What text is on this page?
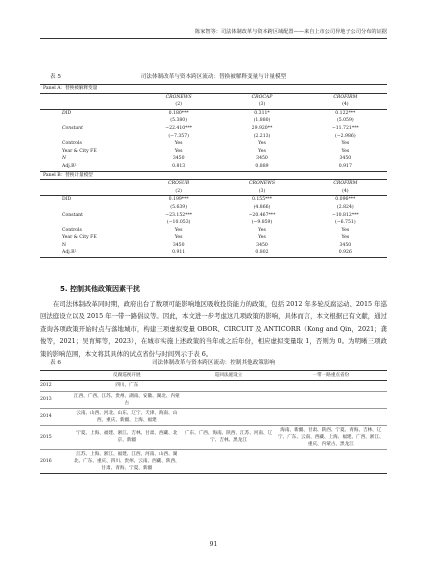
陈家智等：司法体制改革与资本跨区域配置——来自上市公司异地子公司分布的证据
表 5	司法体制改革与资本跨区流动：替换被解释变量与计量模型
Panel A：替换被解释变量			
	CRONEWS	CROCAP	CROFIRM
	(2)	(3)	(4)
DID	0.180***	0.311*	0.122***
	(5.380)	(1.880)	(5.059)
Constant	−22.410***	29.920**	−11.721***
	(−7.357)	(2.213)	(−2.986)
Controls	Yes	Yes	Yes
Year & City FE	Yes	Yes	Yes
N	3450	3450	3450
Adj.R²	0.813	0.889	0.917
Panel B：替换计量模型			
	CROSUB	CRONEWS	CROFIRM
	(2)	(3)	(4)
DID	0.199***	0.155***	0.096***
	(5.639)	(4.866)	(2.824)
Constant	−23.152***	−20.467***	−10.812***
	(−10.053)	(−9.859)	(−6.751)
Controls	Yes	Yes	Yes
Year & City FE	Yes	Yes	Yes
N	3450	3450	3450
Adj.R²	0.911	0.802	0.926
5. 控制其他政策因素干扰

在司法体制改革同时期，政府出台了数项可能影响地区吸收投资能力的政策，包括 2012 年多轮反腐运动、2015 年巡回法庭设立以及 2015 年一带一路倡议等。因此，本文进一步考虑这几项政策的影响，具体而言，本文根据已有文献，通过查询各项政策开始时点与落地城市，构建三项虚拟变量 OBOR、CIRCUIT 及 ANTICORR（Kong and Qin，2021；龚俊等，2021；吴育辉等，2023），在城市实施上述政策的当年或之后年份，相应虚拟变量取 1，否则为 0。为明晰三项政策的影响范围，本文将其具体的试点省份与时间列示于表 6。

表 6	司法体制改革与资本跨区流动：控制其他政策影响
	反腐巡视开展	巡回法庭设立	一带一路重点省份
2012	四川、广东		
2013	江西、广西、江苏、贵州、湖南、安徽、湖北、内蒙古		
2014	云南、山西、河北、山东、辽宁、天津、海南、山西、重庆、新疆、上海、福建		
2015	宁夏、上海、福建、浙江、吉林、甘肃、西藏、北京、新疆	广东、广西、海南、陕西、江苏、河南、辽宁、吉林、黑龙江	海南、新疆、甘肃、陕西、宁夏、青海、吉林、辽宁、广东、云南、西藏、上海、福建、广西、浙江、重庆、内蒙古、黑龙江
2016	江苏、上海、浙江、福建、江西、河南、山西、湖北、广东、重庆、四川、贵州、云南、西藏、陕西、甘肃、青海、宁夏、新疆		
91
